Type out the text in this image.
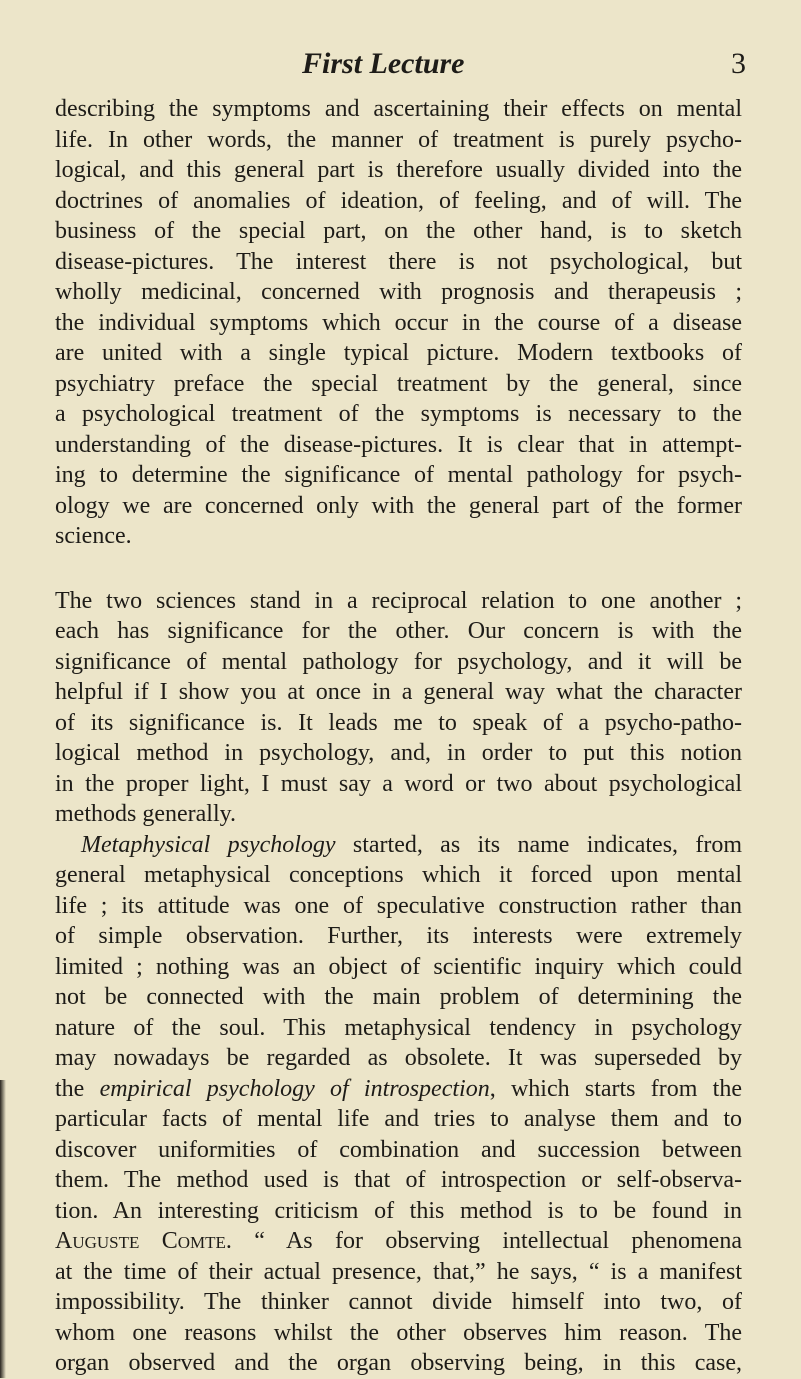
First Lecture	3
describing the symptoms and ascertaining their effects on mental
life. In other words, the manner of treatment is purely psycho-
logical, and this general part is therefore usually divided into the
doctrines of anomalies of ideation, of feeling, and of will. The
business of the special part, on the other hand, is to sketch
disease-pictures. The interest there is not psychological, but
wholly medicinal, concerned with prognosis and therapeusis ;
the individual symptoms which occur in the course of a disease
are united with a single typical picture. Modern textbooks of
psychiatry preface the special treatment by the general, since
a psychological treatment of the symptoms is necessary to the
understanding of the disease-pictures. It is clear that in attempt-
ing to determine the significance of mental pathology for psych-
ology we are concerned only with the general part of the former
science.
The two sciences stand in a reciprocal relation to one another ;
each has significance for the other. Our concern is with the
significance of mental pathology for psychology, and it will be
helpful if I show you at once in a general way what the character
of its significance is. It leads me to speak of a psycho-patho-
logical method in psychology, and, in order to put this notion
in the proper light, I must say a word or two about psychological
methods generally.
Metaphysical psychology started, as its name indicates, from
general metaphysical conceptions which it forced upon mental
life ; its attitude was one of speculative construction rather than
of simple observation. Further, its interests were extremely
limited ; nothing was an object of scientific inquiry which could
not be connected with the main problem of determining the
nature of the soul. This metaphysical tendency in psychology
may nowadays be regarded as obsolete. It was superseded by
the empirical psychology of introspection, which starts from the
particular facts of mental life and tries to analyse them and to
discover uniformities of combination and succession between
them. The method used is that of introspection or self-observa-
tion. An interesting criticism of this method is to be found in
Auguste Comte. “ As for observing intellectual phenomena
at the time of their actual presence, that,” he says, “ is a manifest
impossibility. The thinker cannot divide himself into two, of
whom one reasons whilst the other observes him reason. The
organ observed and the organ observing being, in this case,
